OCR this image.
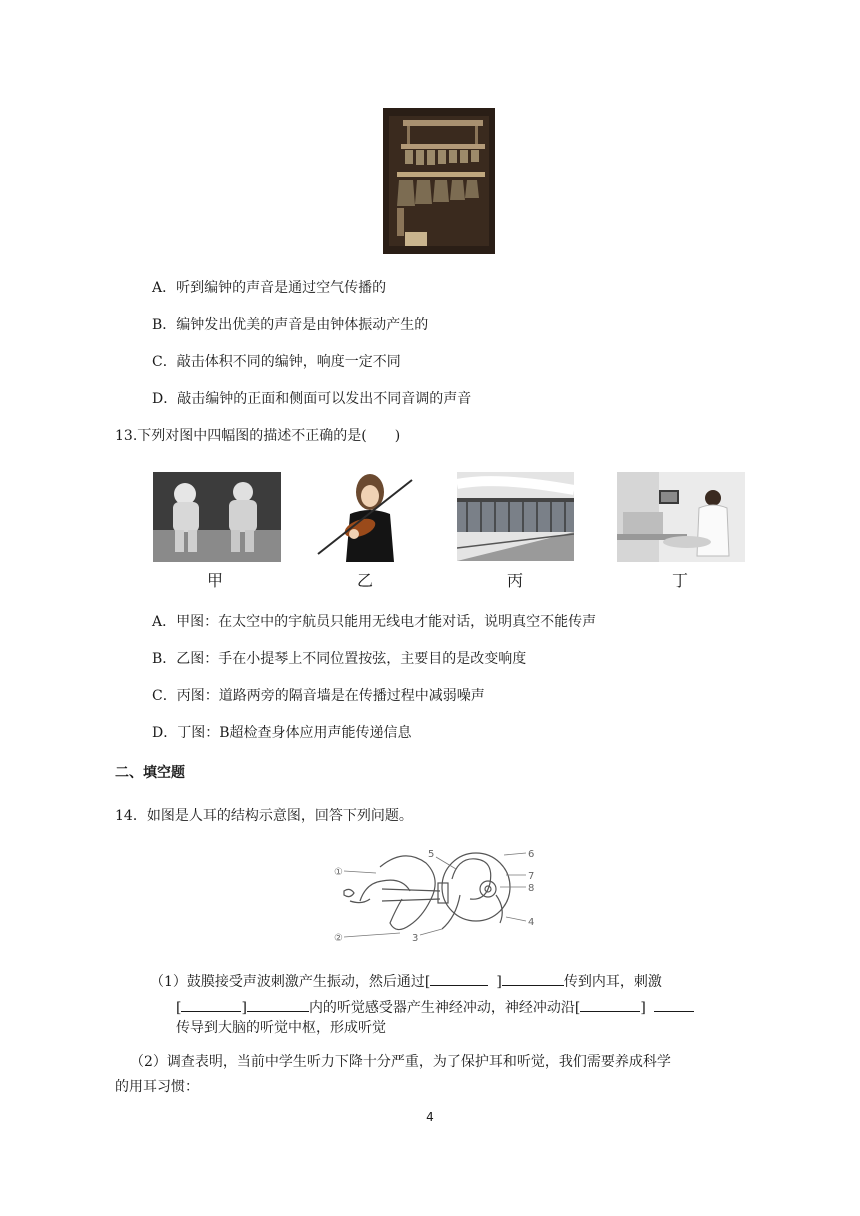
A．听到编钟的声音是通过空气传播的
B．编钟发出优美的声音是由钟体振动产生的
C．敲击体积不同的编钟，响度一定不同
D．敲击编钟的正面和侧面可以发出不同音调的声音
13.下列对图中四幅图的描述不正确的是(　　)
甲	乙	丙	丁
A．甲图：在太空中的宇航员只能用无线电才能对话，说明真空不能传声
B．乙图：手在小提琴上不同位置按弦，主要目的是改变响度
C．丙图：道路两旁的隔音墙是在传播过程中减弱噪声
D．丁图：B超检查身体应用声能传递信息
二、填空题
14．如图是人耳的结构示意图，回答下列问题。
①
②	3
4
5	6
7
8
（1）鼓膜接受声波刺激产生振动，然后通过[	]	传到内耳，刺激
[	]	内的听觉感受器产生神经冲动，神经冲动沿[	]
传导到大脑的听觉中枢，形成听觉
（2）调查表明，当前中学生听力下降十分严重，为了保护耳和听觉，我们需要养成科学
的用耳习惯：
4
